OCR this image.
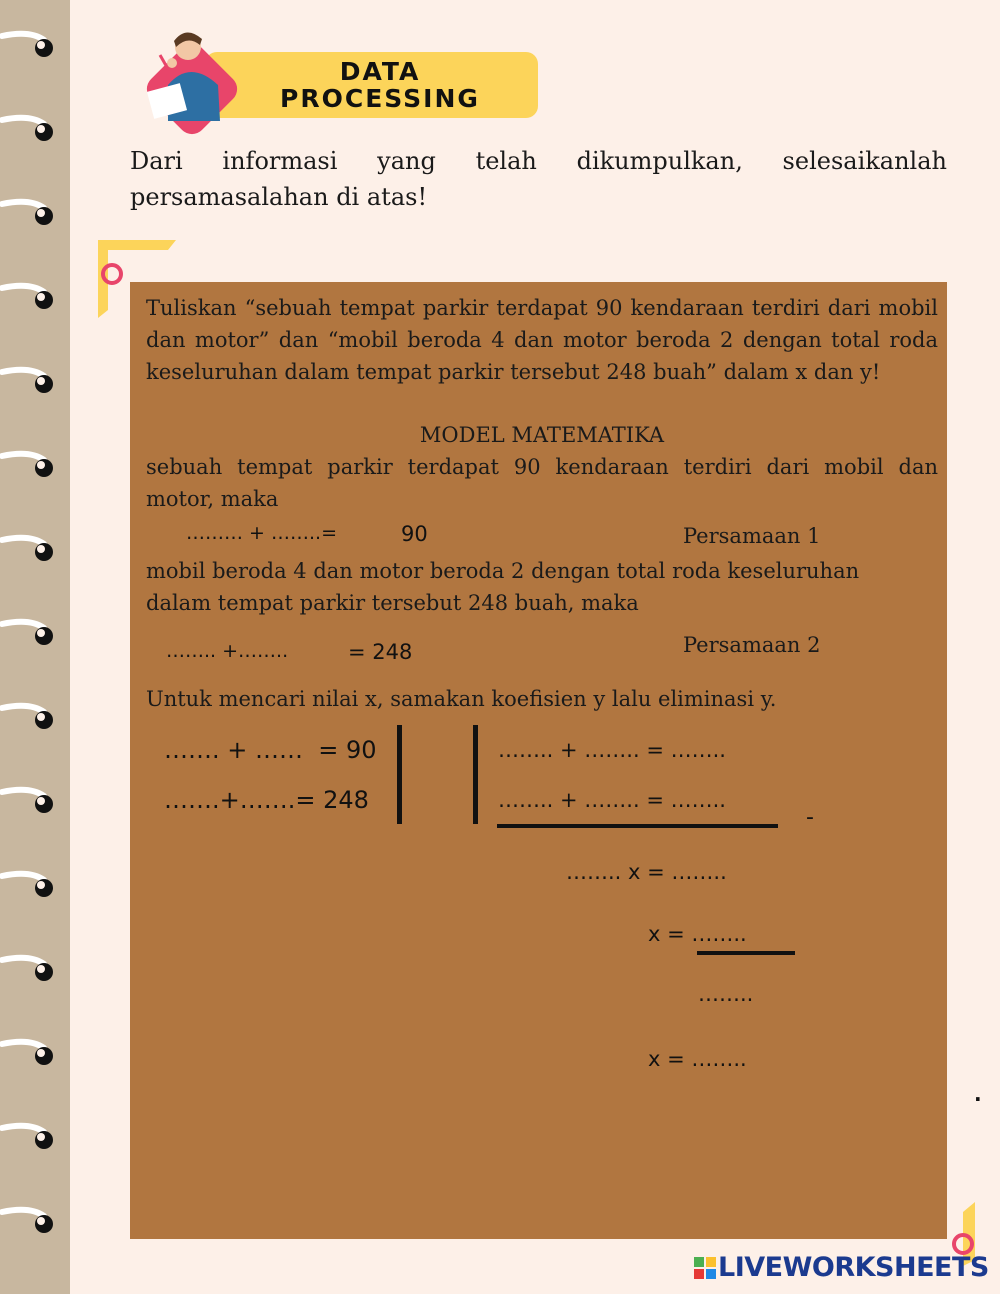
DATA
PROCESSING
Dari informasi yang telah dikumpulkan, selesaikanlah
persamasalahan di atas!
Tuliskan “sebuah tempat parkir terdapat 90 kendaraan terdiri dari mobil dan motor” dan “mobil beroda 4 dan motor beroda 2 dengan total roda keseluruhan dalam tempat parkir tersebut 248 buah” dalam x dan y!
MODEL MATEMATIKA
sebuah tempat parkir terdapat 90 kendaraan terdiri dari mobil dan motor, maka
……… + ……..=	90	Persamaan 1
mobil beroda 4 dan motor beroda 2 dengan total roda keseluruhan
dalam tempat parkir tersebut 248 buah, maka
…….. +……..	= 248	Persamaan 2
Untuk mencari nilai x, samakan koefisien y lalu eliminasi y.
……. + ……  = 90
…….+…….= 248
…….. + …….. = ……..
…….. + …….. = ……..
-
…….. x = ……..
x = ……..
……..
x = ……..
.
LIVEWORKSHEETS
